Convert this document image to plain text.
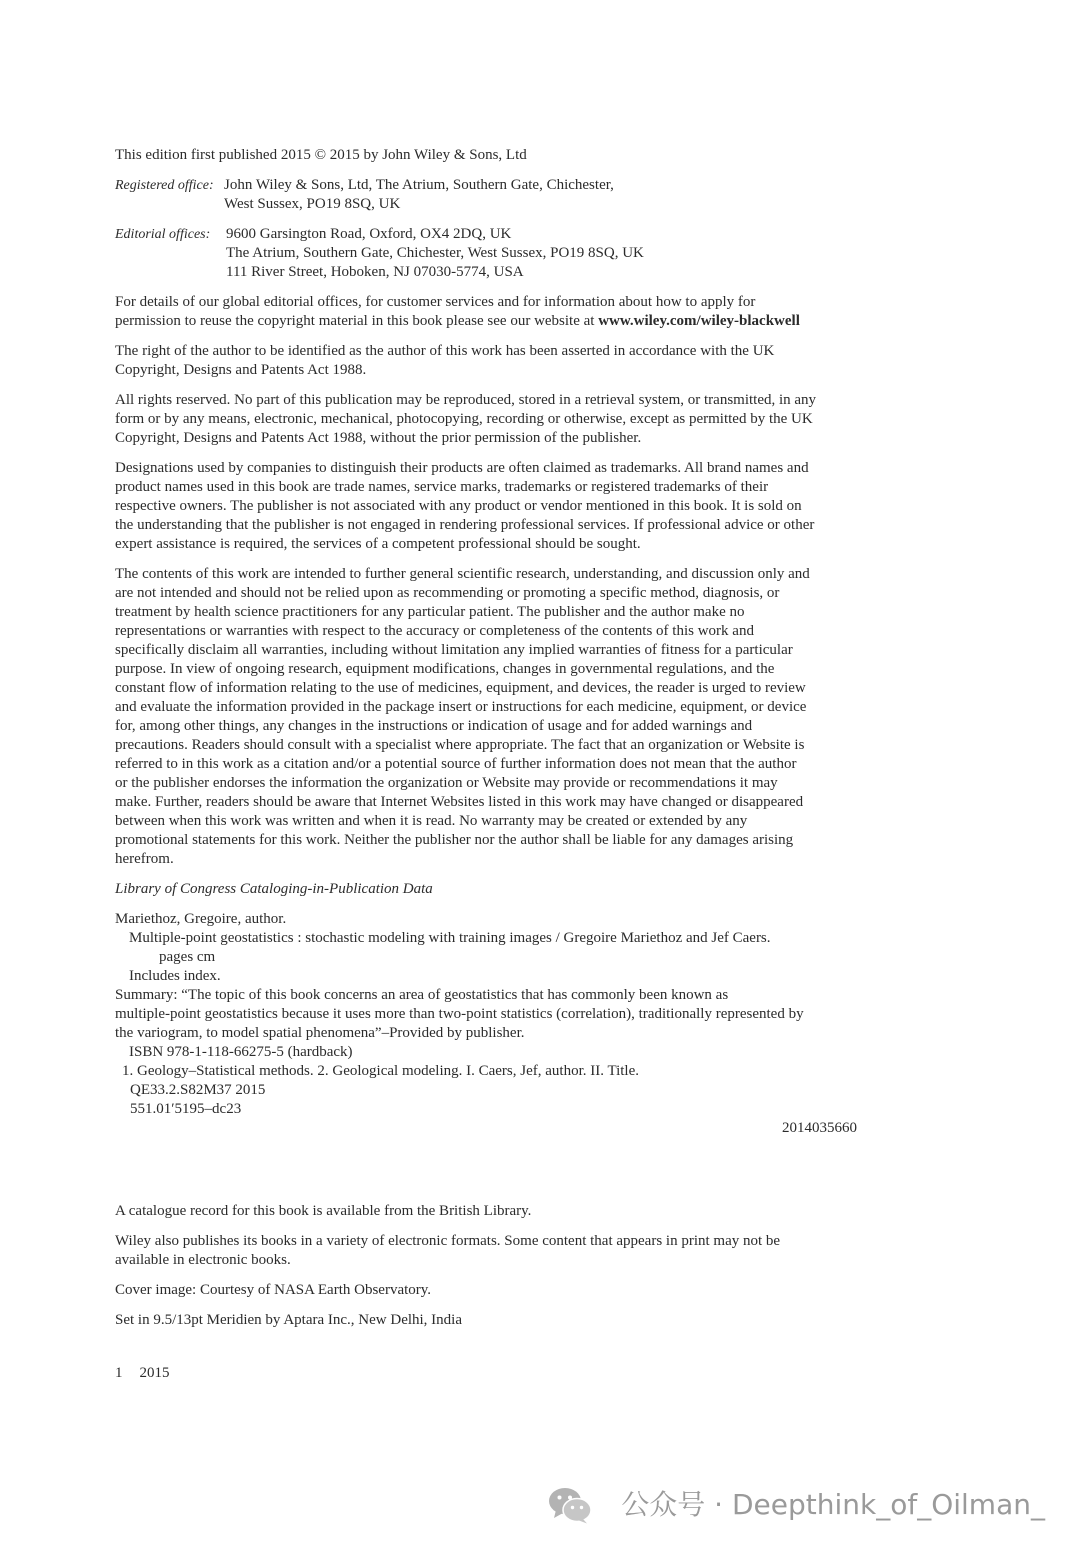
This edition first published 2015 © 2015 by John Wiley & Sons, Ltd
Registered office: John Wiley & Sons, Ltd, The Atrium, Southern Gate, Chichester,
West Sussex, PO19 8SQ, UK
Editorial offices:	9600 Garsington Road, Oxford, OX4 2DQ, UK
The Atrium, Southern Gate, Chichester, West Sussex, PO19 8SQ, UK
111 River Street, Hoboken, NJ 07030-5774, USA
For details of our global editorial offices, for customer services and for information about how to apply for
permission to reuse the copyright material in this book please see our website at www.wiley.com/wiley-blackwell
The right of the author to be identified as the author of this work has been asserted in accordance with the UK
Copyright, Designs and Patents Act 1988.
All rights reserved. No part of this publication may be reproduced, stored in a retrieval system, or transmitted, in any
form or by any means, electronic, mechanical, photocopying, recording or otherwise, except as permitted by the UK
Copyright, Designs and Patents Act 1988, without the prior permission of the publisher.
Designations used by companies to distinguish their products are often claimed as trademarks. All brand names and
product names used in this book are trade names, service marks, trademarks or registered trademarks of their
respective owners. The publisher is not associated with any product or vendor mentioned in this book. It is sold on
the understanding that the publisher is not engaged in rendering professional services. If professional advice or other
expert assistance is required, the services of a competent professional should be sought.
The contents of this work are intended to further general scientific research, understanding, and discussion only and
are not intended and should not be relied upon as recommending or promoting a specific method, diagnosis, or
treatment by health science practitioners for any particular patient. The publisher and the author make no
representations or warranties with respect to the accuracy or completeness of the contents of this work and
specifically disclaim all warranties, including without limitation any implied warranties of fitness for a particular
purpose. In view of ongoing research, equipment modifications, changes in governmental regulations, and the
constant flow of information relating to the use of medicines, equipment, and devices, the reader is urged to review
and evaluate the information provided in the package insert or instructions for each medicine, equipment, or device
for, among other things, any changes in the instructions or indication of usage and for added warnings and
precautions. Readers should consult with a specialist where appropriate. The fact that an organization or Website is
referred to in this work as a citation and/or a potential source of further information does not mean that the author
or the publisher endorses the information the organization or Website may provide or recommendations it may
make. Further, readers should be aware that Internet Websites listed in this work may have changed or disappeared
between when this work was written and when it is read. No warranty may be created or extended by any
promotional statements for this work. Neither the publisher nor the author shall be liable for any damages arising
herefrom.
Library of Congress Cataloging-in-Publication Data
Mariethoz, Gregoire, author.
Multiple-point geostatistics : stochastic modeling with training images / Gregoire Mariethoz and Jef Caers.
pages cm
Includes index.
Summary: “The topic of this book concerns an area of geostatistics that has commonly been known as
multiple-point geostatistics because it uses more than two-point statistics (correlation), traditionally represented by
the variogram, to model spatial phenomena”–Provided by publisher.
ISBN 978-1-118-66275-5 (hardback)
1. Geology–Statistical methods. 2. Geological modeling. I. Caers, Jef, author. II. Title.
QE33.2.S82M37 2015
551.01′5195–dc23
2014035660
A catalogue record for this book is available from the British Library.
Wiley also publishes its books in a variety of electronic formats. Some content that appears in print may not be
available in electronic books.
Cover image: Courtesy of NASA Earth Observatory.
Set in 9.5/13pt Meridien by Aptara Inc., New Delhi, India
1 2015
公众号 · Deepthink_of_Oilman_
